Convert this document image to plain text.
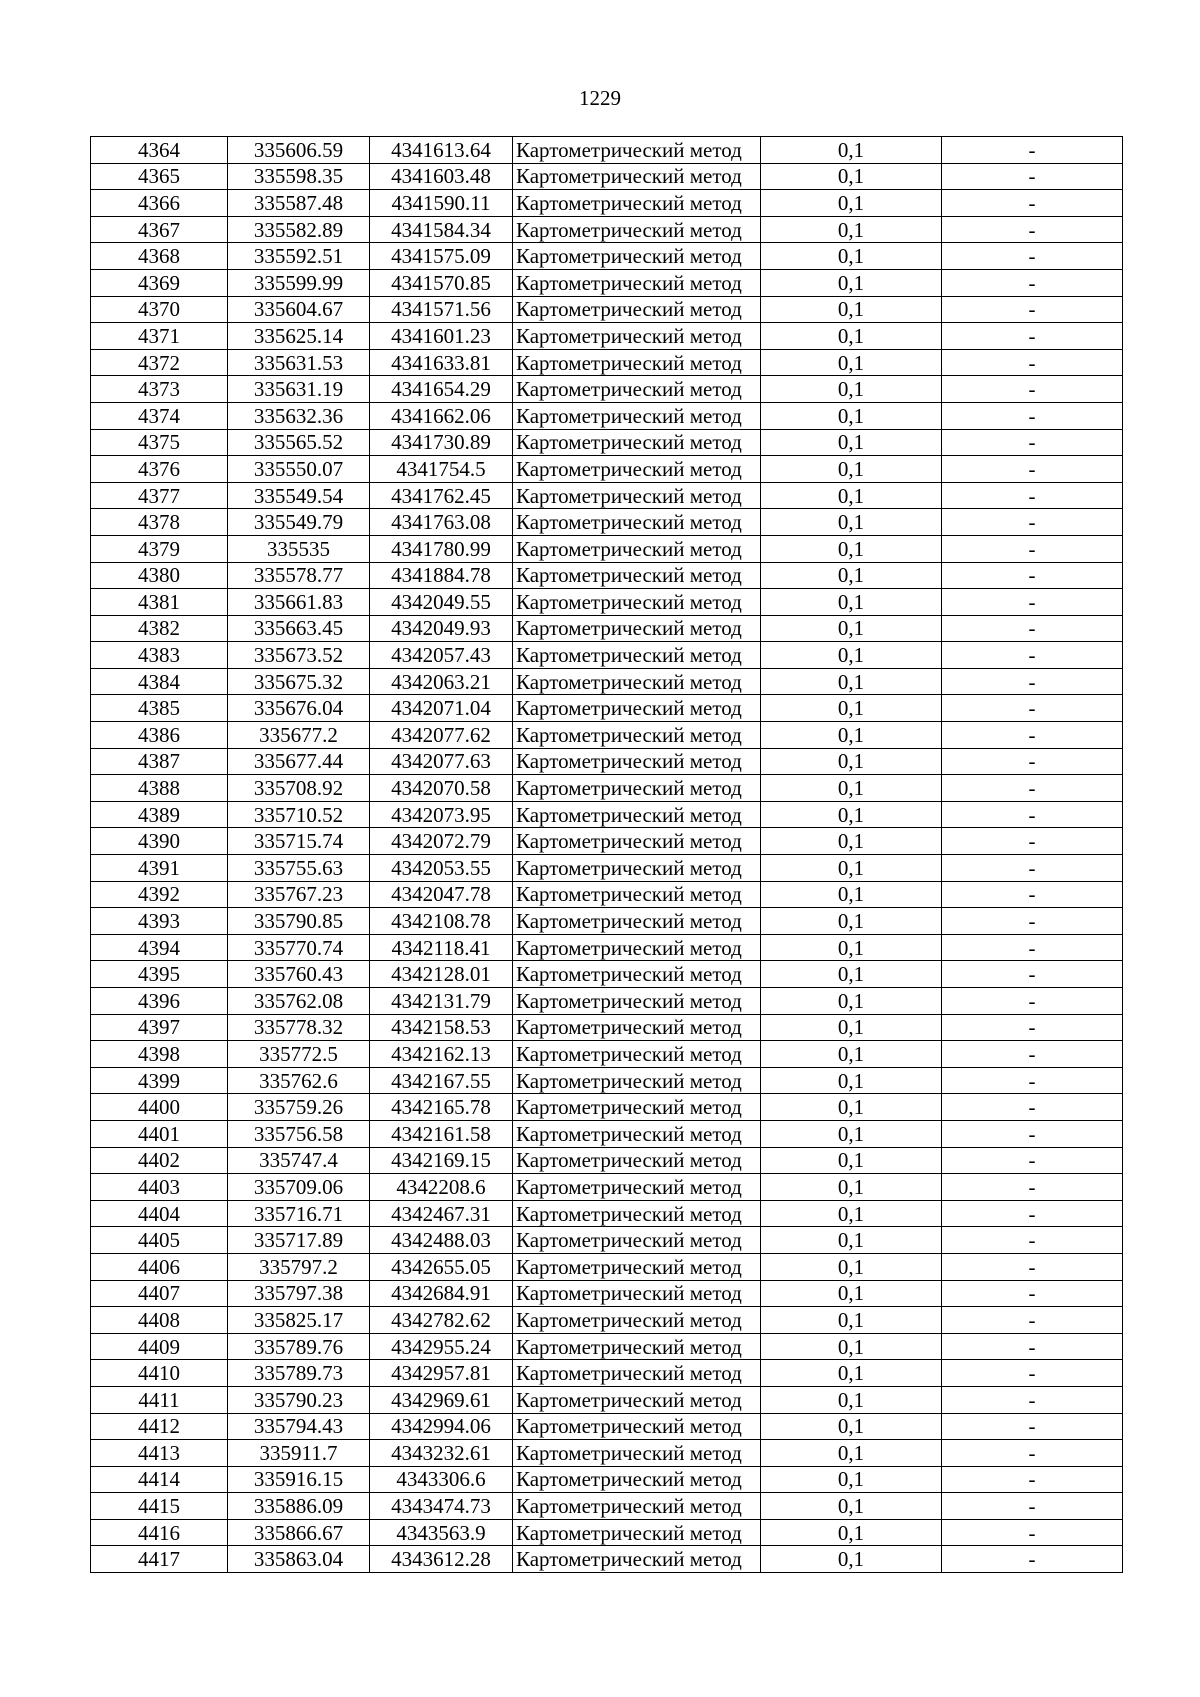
1229
4364	335606.59	4341613.64	Картометрический метод	0,1	-
4365	335598.35	4341603.48	Картометрический метод	0,1	-
4366	335587.48	4341590.11	Картометрический метод	0,1	-
4367	335582.89	4341584.34	Картометрический метод	0,1	-
4368	335592.51	4341575.09	Картометрический метод	0,1	-
4369	335599.99	4341570.85	Картометрический метод	0,1	-
4370	335604.67	4341571.56	Картометрический метод	0,1	-
4371	335625.14	4341601.23	Картометрический метод	0,1	-
4372	335631.53	4341633.81	Картометрический метод	0,1	-
4373	335631.19	4341654.29	Картометрический метод	0,1	-
4374	335632.36	4341662.06	Картометрический метод	0,1	-
4375	335565.52	4341730.89	Картометрический метод	0,1	-
4376	335550.07	4341754.5	Картометрический метод	0,1	-
4377	335549.54	4341762.45	Картометрический метод	0,1	-
4378	335549.79	4341763.08	Картометрический метод	0,1	-
4379	335535	4341780.99	Картометрический метод	0,1	-
4380	335578.77	4341884.78	Картометрический метод	0,1	-
4381	335661.83	4342049.55	Картометрический метод	0,1	-
4382	335663.45	4342049.93	Картометрический метод	0,1	-
4383	335673.52	4342057.43	Картометрический метод	0,1	-
4384	335675.32	4342063.21	Картометрический метод	0,1	-
4385	335676.04	4342071.04	Картометрический метод	0,1	-
4386	335677.2	4342077.62	Картометрический метод	0,1	-
4387	335677.44	4342077.63	Картометрический метод	0,1	-
4388	335708.92	4342070.58	Картометрический метод	0,1	-
4389	335710.52	4342073.95	Картометрический метод	0,1	-
4390	335715.74	4342072.79	Картометрический метод	0,1	-
4391	335755.63	4342053.55	Картометрический метод	0,1	-
4392	335767.23	4342047.78	Картометрический метод	0,1	-
4393	335790.85	4342108.78	Картометрический метод	0,1	-
4394	335770.74	4342118.41	Картометрический метод	0,1	-
4395	335760.43	4342128.01	Картометрический метод	0,1	-
4396	335762.08	4342131.79	Картометрический метод	0,1	-
4397	335778.32	4342158.53	Картометрический метод	0,1	-
4398	335772.5	4342162.13	Картометрический метод	0,1	-
4399	335762.6	4342167.55	Картометрический метод	0,1	-
4400	335759.26	4342165.78	Картометрический метод	0,1	-
4401	335756.58	4342161.58	Картометрический метод	0,1	-
4402	335747.4	4342169.15	Картометрический метод	0,1	-
4403	335709.06	4342208.6	Картометрический метод	0,1	-
4404	335716.71	4342467.31	Картометрический метод	0,1	-
4405	335717.89	4342488.03	Картометрический метод	0,1	-
4406	335797.2	4342655.05	Картометрический метод	0,1	-
4407	335797.38	4342684.91	Картометрический метод	0,1	-
4408	335825.17	4342782.62	Картометрический метод	0,1	-
4409	335789.76	4342955.24	Картометрический метод	0,1	-
4410	335789.73	4342957.81	Картометрический метод	0,1	-
4411	335790.23	4342969.61	Картометрический метод	0,1	-
4412	335794.43	4342994.06	Картометрический метод	0,1	-
4413	335911.7	4343232.61	Картометрический метод	0,1	-
4414	335916.15	4343306.6	Картометрический метод	0,1	-
4415	335886.09	4343474.73	Картометрический метод	0,1	-
4416	335866.67	4343563.9	Картометрический метод	0,1	-
4417	335863.04	4343612.28	Картометрический метод	0,1	-
